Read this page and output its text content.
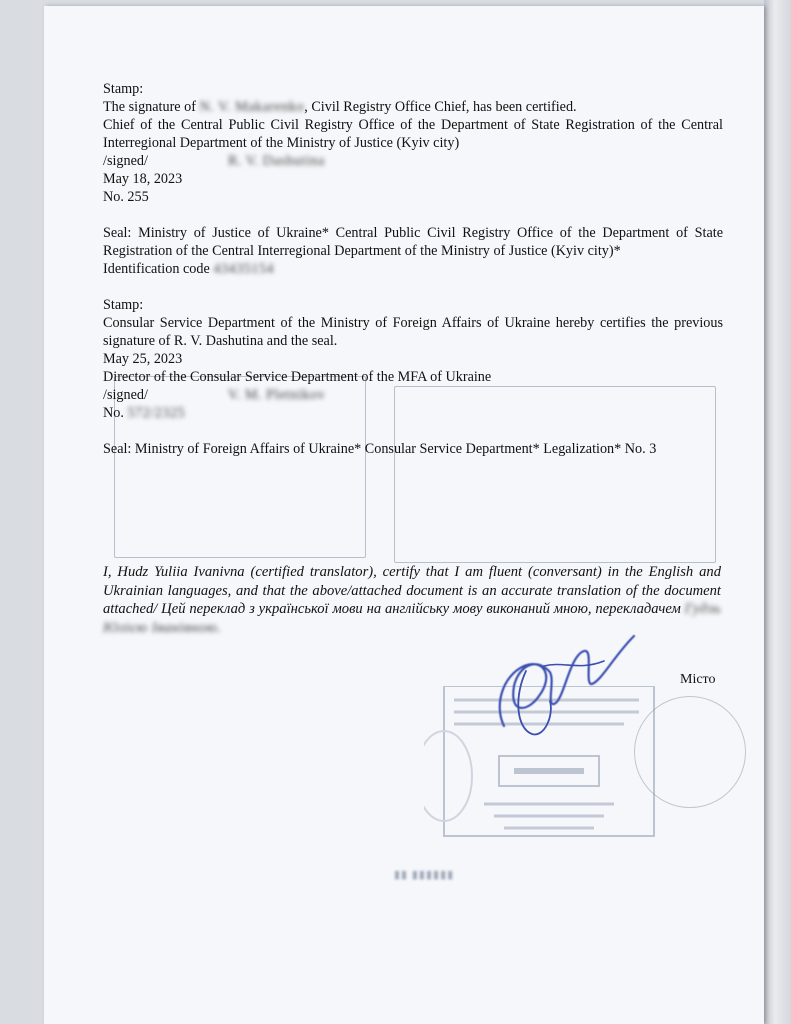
▮▮ ▮▮▮▮▮▮

Stamp:

The signature of N. V. Makarenko, Civil Registry Office Chief, has been certified.

Chief of the Central Public Civil Registry Office of the Department of State Registration of the Central Interregional Department of the Ministry of Justice (Kyiv city)

/signed/	R. V. Dashutina

May 18, 2023

No. 255

Seal: Ministry of Justice of Ukraine* Central Public Civil Registry Office of the Department of State Registration of the Central Interregional Department of the Ministry of Justice (Kyiv city)*

Identification code 43435154

Stamp:

Consular Service Department of the Ministry of Foreign Affairs of Ukraine hereby certifies the previous signature of R. V. Dashutina and the seal.

May 25, 2023

Director of the Consular Service Department of the MFA of Ukraine

/signed/	V. M. Pletnikov

No. 572/2325

Seal: Ministry of Foreign Affairs of Ukraine* Consular Service Department* Legalization* No. 3

I, Hudz Yuliia Ivanivna (certified translator), certify that I am fluent (conversant) in the English and Ukrainian languages, and that the above/attached document is an accurate translation of the document attached/ Цей переклад з української мови на англійську мову виконаний мною, перекладачем Гудзь Юлією Іванівною.
Місто
